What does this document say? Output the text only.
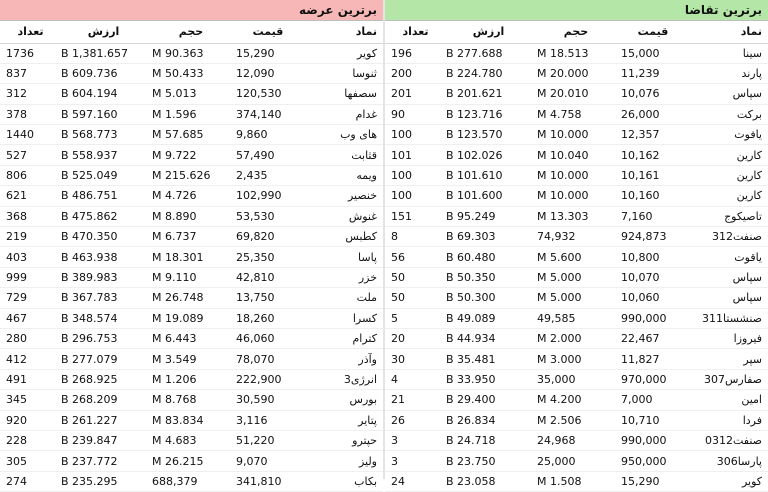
برترین عرضه
نماد	قیمت	حجم	ارزش	تعداد
کویر	15,290	90.363 M	1,381.657 B	1736
ثنوسا	12,090	50.433 M	609.736 B	837
سصفها	120,530	5.013 M	604.194 B	312
غدام	374,140	1.596 M	597.160 B	378
های وب	9,860	57.685 M	568.773 B	1440
قثابت	57,490	9.722 M	558.937 B	527
ویمه	2,435	215.626 M	525.049 B	806
خنصیر	102,990	4.726 M	486.751 B	621
غنوش	53,530	8.890 M	475.862 B	368
کطبس	69,820	6.737 M	470.350 B	219
پاسا	25,350	18.301 M	463.938 B	403
خزر	42,810	9.110 M	389.983 B	999
ملت	13,750	26.748 M	367.783 B	729
کسرا	18,260	19.089 M	348.574 B	467
کترام	46,060	6.443 M	296.753 B	280
وآذر	78,070	3.549 M	277.079 B	412
انرژی3	222,900	1.206 M	268.925 B	491
بورس	30,590	8.768 M	268.209 B	345
پتایر	3,116	83.834 M	261.227 B	920
حپترو	51,220	4.683 M	239.847 B	228
ولیز	9,070	26.215 M	237.772 B	305
بکاب	341,810	688,379	235.295 B	274
برترین تقاضا
نماد	قیمت	حجم	ارزش	تعداد
سینا	15,000	18.513 M	277.688 B	196
پارند	11,239	20.000 M	224.780 B	200
سپاس	10,076	20.010 M	201.621 B	201
برکت	26,000	4.758 M	123.716 B	90
یافوت	12,357	10.000 M	123.570 B	100
کارین	10,162	10.040 M	102.026 B	101
کارین	10,161	10.000 M	101.610 B	100
کارین	10,160	10.000 M	101.600 B	100
تاصیکوج	7,160	13.303 M	95.249 B	151
صنفت312	924,873	74,932	69.303 B	8
یاقوت	10,800	5.600 M	60.480 B	56
سپاس	10,070	5.000 M	50.350 B	50
سپاس	10,060	5.000 M	50.300 B	50
صنشستا311	990,000	49,585	49.089 B	5
فیروزا	22,467	2.000 M	44.934 B	20
سپر	11,827	3.000 M	35.481 B	30
صفارس307	970,000	35,000	33.950 B	4
امین	7,000	4.200 M	29.400 B	21
فردا	10,710	2.506 M	26.834 B	26
صنفت0312	990,000	24,968	24.718 B	3
پارسا306	950,000	25,000	23.750 B	3
کویر	15,290	1.508 M	23.058 B	24
